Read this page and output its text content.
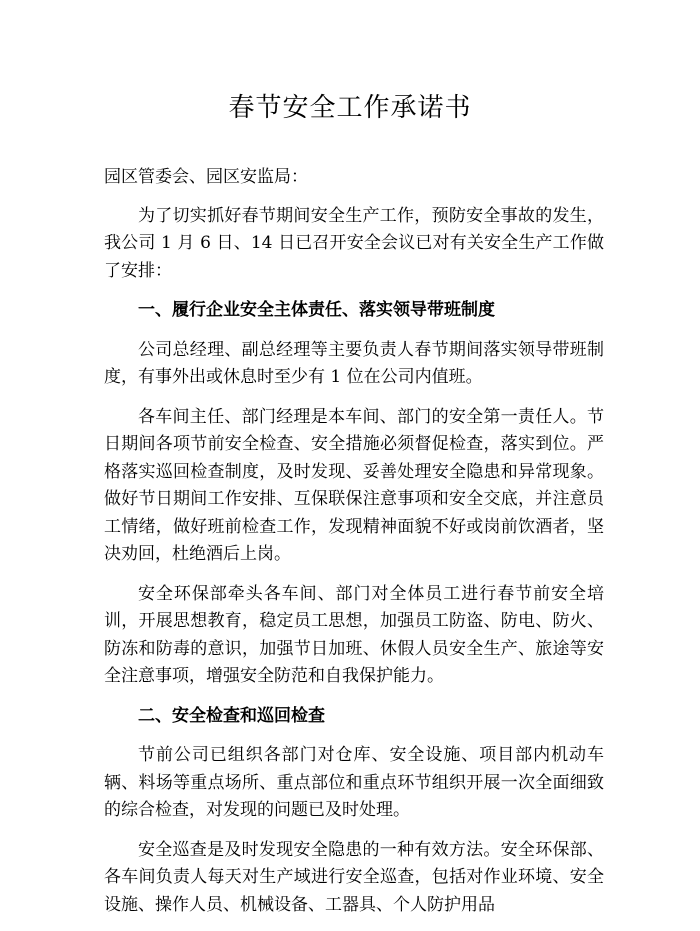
春节安全工作承诺书

园区管委会、园区安监局：

为了切实抓好春节期间安全生产工作，预防安全事故的发生，我公司 1 月 6 日、14 日已召开安全会议已对有关安全生产工作做了安排：

一、履行企业安全主体责任、落实领导带班制度

公司总经理、副总经理等主要负责人春节期间落实领导带班制度，有事外出或休息时至少有 1 位在公司内值班。

各车间主任、部门经理是本车间、部门的安全第一责任人。节日期间各项节前安全检查、安全措施必须督促检查，落实到位。严格落实巡回检查制度，及时发现、妥善处理安全隐患和异常现象。做好节日期间工作安排、互保联保注意事项和安全交底，并注意员工情绪，做好班前检查工作，发现精神面貌不好或岗前饮酒者，坚决劝回，杜绝酒后上岗。

安全环保部牵头各车间、部门对全体员工进行春节前安全培训，开展思想教育，稳定员工思想，加强员工防盗、防电、防火、防冻和防毒的意识，加强节日加班、休假人员安全生产、旅途等安全注意事项，增强安全防范和自我保护能力。

二、安全检查和巡回检查

节前公司已组织各部门对仓库、安全设施、项目部内机动车辆、料场等重点场所、重点部位和重点环节组织开展一次全面细致的综合检查，对发现的问题已及时处理。

安全巡查是及时发现安全隐患的一种有效方法。安全环保部、各车间负责人每天对生产域进行安全巡查，包括对作业环境、安全设施、操作人员、机械设备、工器具、个人防护用品
